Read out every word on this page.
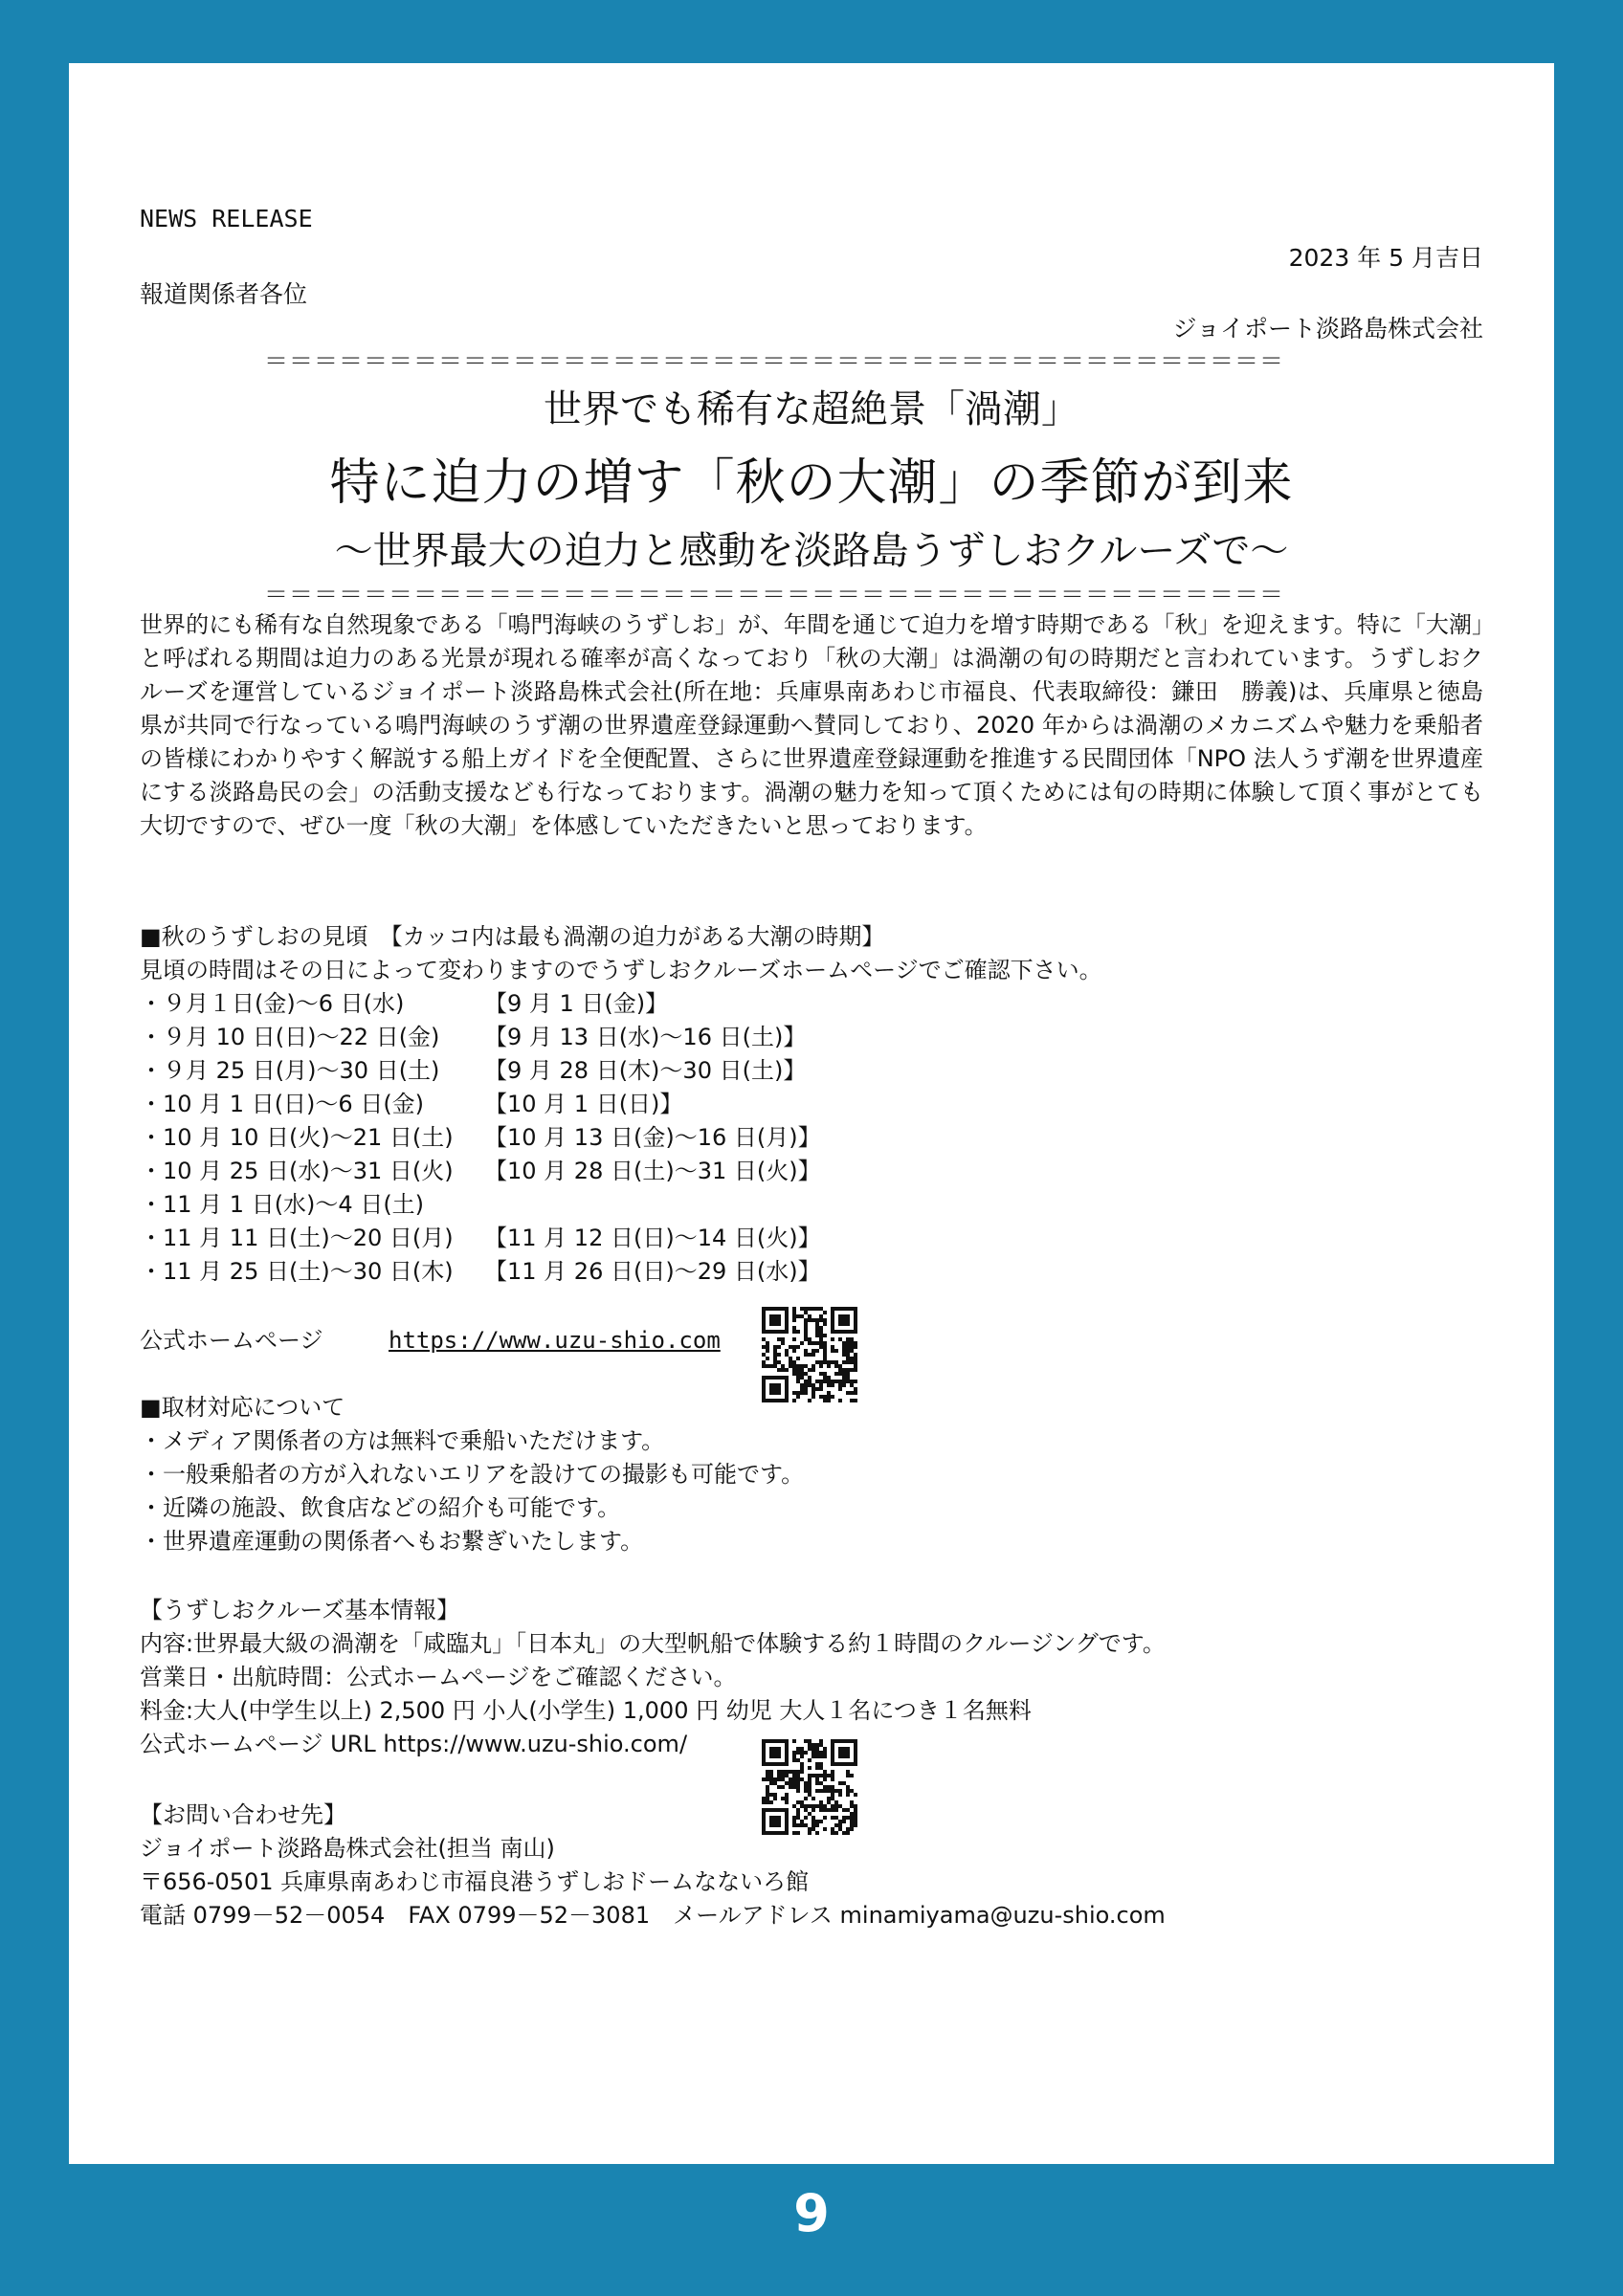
NEWS RELEASE
2023 年 5 月吉日
報道関係者各位
ジョイポート淡路島株式会社
＝＝＝＝＝＝＝＝＝＝＝＝＝＝＝＝＝＝＝＝＝＝＝＝＝＝＝＝＝＝＝＝＝＝＝＝＝＝＝＝＝
世界でも稀有な超絶景「渦潮」
特に迫力の増す「秋の大潮」の季節が到来
～世界最大の迫力と感動を淡路島うずしおクルーズで～
＝＝＝＝＝＝＝＝＝＝＝＝＝＝＝＝＝＝＝＝＝＝＝＝＝＝＝＝＝＝＝＝＝＝＝＝＝＝＝＝＝
世界的にも稀有な自然現象である「鳴門海峡のうずしお」が、年間を通じて迫力を増す時期である「秋」を迎えます。特に「大潮」と呼ばれる期間は迫力のある光景が現れる確率が高くなっており「秋の大潮」は渦潮の旬の時期だと言われています。うずしおクルーズを運営しているジョイポート淡路島株式会社(所在地：兵庫県南あわじ市福良、代表取締役：鎌田　勝義)は、兵庫県と徳島県が共同で行なっている鳴門海峡のうず潮の世界遺産登録運動へ賛同しており、2020 年からは渦潮のメカニズムや魅力を乗船者の皆様にわかりやすく解説する船上ガイドを全便配置、さらに世界遺産登録運動を推進する民間団体「NPO 法人うず潮を世界遺産にする淡路島民の会」の活動支援なども行なっております。渦潮の魅力を知って頂くためには旬の時期に体験して頂く事がとても大切ですので、ぜひ一度「秋の大潮」を体感していただきたいと思っております。
■秋のうずしおの見頃　【カッコ内は最も渦潮の迫力がある大潮の時期】
見頃の時間はその日によって変わりますのでうずしおクルーズホームページでご確認下さい。
・９月１日(金)～6 日(水)	【9 月 1 日(金)】
・９月 10 日(日)～22 日(金) 【9 月 13 日(水)～16 日(土)】
・９月 25 日(月)～30 日(土) 【9 月 28 日(木)～30 日(土)】
・10 月 1 日(日)～6 日(金)	【10 月 1 日(日)】
・10 月 10 日(火)～21 日(土) 【10 月 13 日(金)～16 日(月)】
・10 月 25 日(水)～31 日(火) 【10 月 28 日(土)～31 日(火)】
・11 月 1 日(水)～4 日(土)
・11 月 11 日(土)～20 日(月) 【11 月 12 日(日)～14 日(火)】
・11 月 25 日(土)～30 日(木) 【11 月 26 日(日)～29 日(水)】
公式ホームページ	https://www.uzu-shio.com
■取材対応について
・メディア関係者の方は無料で乗船いただけます。
・一般乗船者の方が入れないエリアを設けての撮影も可能です。
・近隣の施設、飲食店などの紹介も可能です。
・世界遺産運動の関係者へもお繋ぎいたします。
【うずしおクルーズ基本情報】
内容:世界最大級の渦潮を「咸臨丸」「日本丸」の大型帆船で体験する約１時間のクルージングです。
営業日・出航時間：公式ホームページをご確認ください。
料金:大人(中学生以上) 2,500 円 小人(小学生) 1,000 円 幼児 大人１名につき１名無料
公式ホームページ URL https://www.uzu-shio.com/
【お問い合わせ先】
ジョイポート淡路島株式会社(担当 南山)
〒656-0501 兵庫県南あわじ市福良港うずしおドームなないろ館
電話 0799－52－0054　FAX 0799－52－3081　メールアドレス minamiyama@uzu-shio.com
9
